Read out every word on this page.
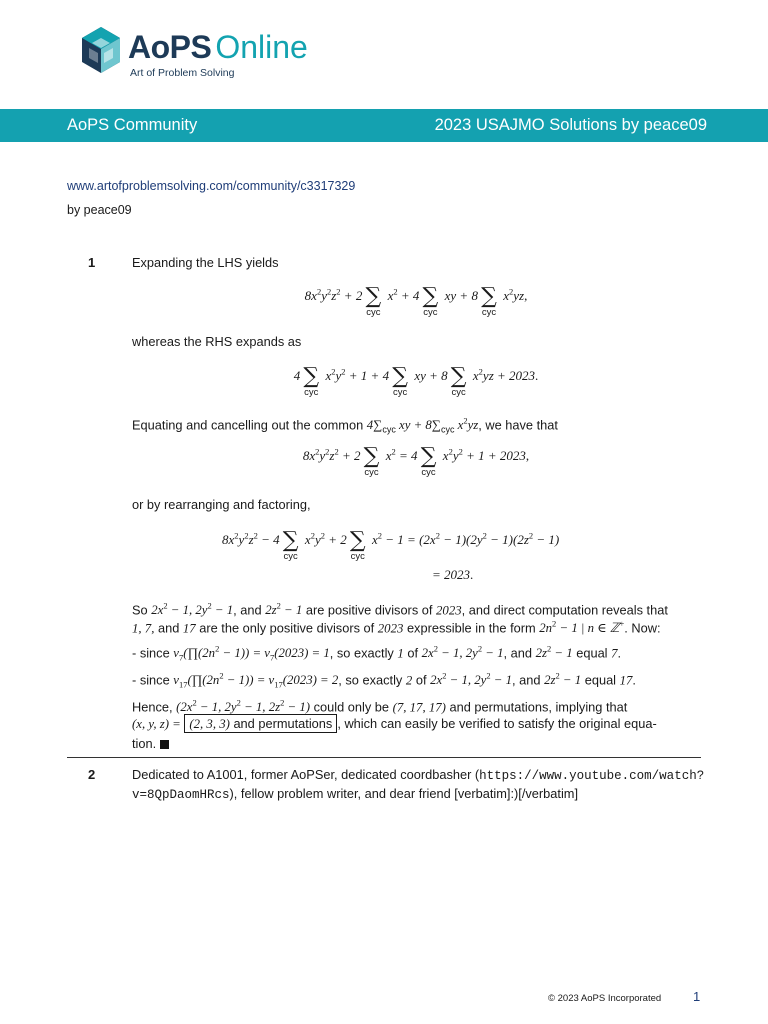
AoPS Online
Art of Problem Solving
AoPS Community	2023 USAJMO Solutions by peace09
www.artofproblemsolving.com/community/c3317329
by peace09
1	Expanding the LHS yields
$8x^2y^2z^2 + 2$ ∑
cyc
$x^2 + 4$ ∑
cyc
xy + 8 ∑
cyc
$x^2yz$,
whereas the RHS expands as
4 ∑
cyc
$x^2y^2 + 1 + 4$ ∑
cyc
xy + 8 ∑
cyc
$x^2yz + 2023$.
Equating and cancelling out the common $4\sum_{cyc}$ xy + $8\sum_{cyc}$ $x^2yz$, we have that
$8x^2y^2z^2 + 2$ ∑
cyc
$x^2 = 4$ ∑
cyc
$x^2y^2 + 1 + 2023$,
or by rearranging and factoring,
$8x^2y^2z^2 - 4$ ∑
cyc
$x^2y^2 + 2$ ∑
cyc
$x^2 - 1 = (2x^2 - 1)(2y^2 - 1)(2z^2 - 1)$
= 2023.
So $2x^2 - 1$, $2y^2 - 1$, and $2z^2 - 1$ are positive divisors of 2023, and direct computation reveals that
1, 7, and 17 are the only positive divisors of 2023 expressible in the form $2n^2 - 1$ | n ∈ ℤ+. Now:
- since $v_7(\prod(2n^2 - 1)) = v_7(2023) = 1$, so exactly 1 of $2x^2 - 1$, $2y^2 - 1$, and $2z^2 - 1$ equal 7.
- since $v_{17}(\prod(2n^2 - 1)) = v_{17}(2023) = 2$, so exactly 2 of $2x^2 - 1$, $2y^2 - 1$, and $2z^2 - 1$ equal 17.
Hence, ($2x^2 - 1$, $2y^2 - 1$, $2z^2 - 1$) could only be (7, 17, 17) and permutations, implying that
(x, y, z) = (2, 3, 3) and permutations , which can easily be verified to satisfy the original equa-
tion.
2	Dedicated to A1001, former AoPSer, dedicated coordbasher (https://www.youtube.com/watch?
v=8QpDaomHRcs), fellow problem writer, and dear friend [verbatim]:)[/verbatim]
© 2023 AoPS Incorporated 1
